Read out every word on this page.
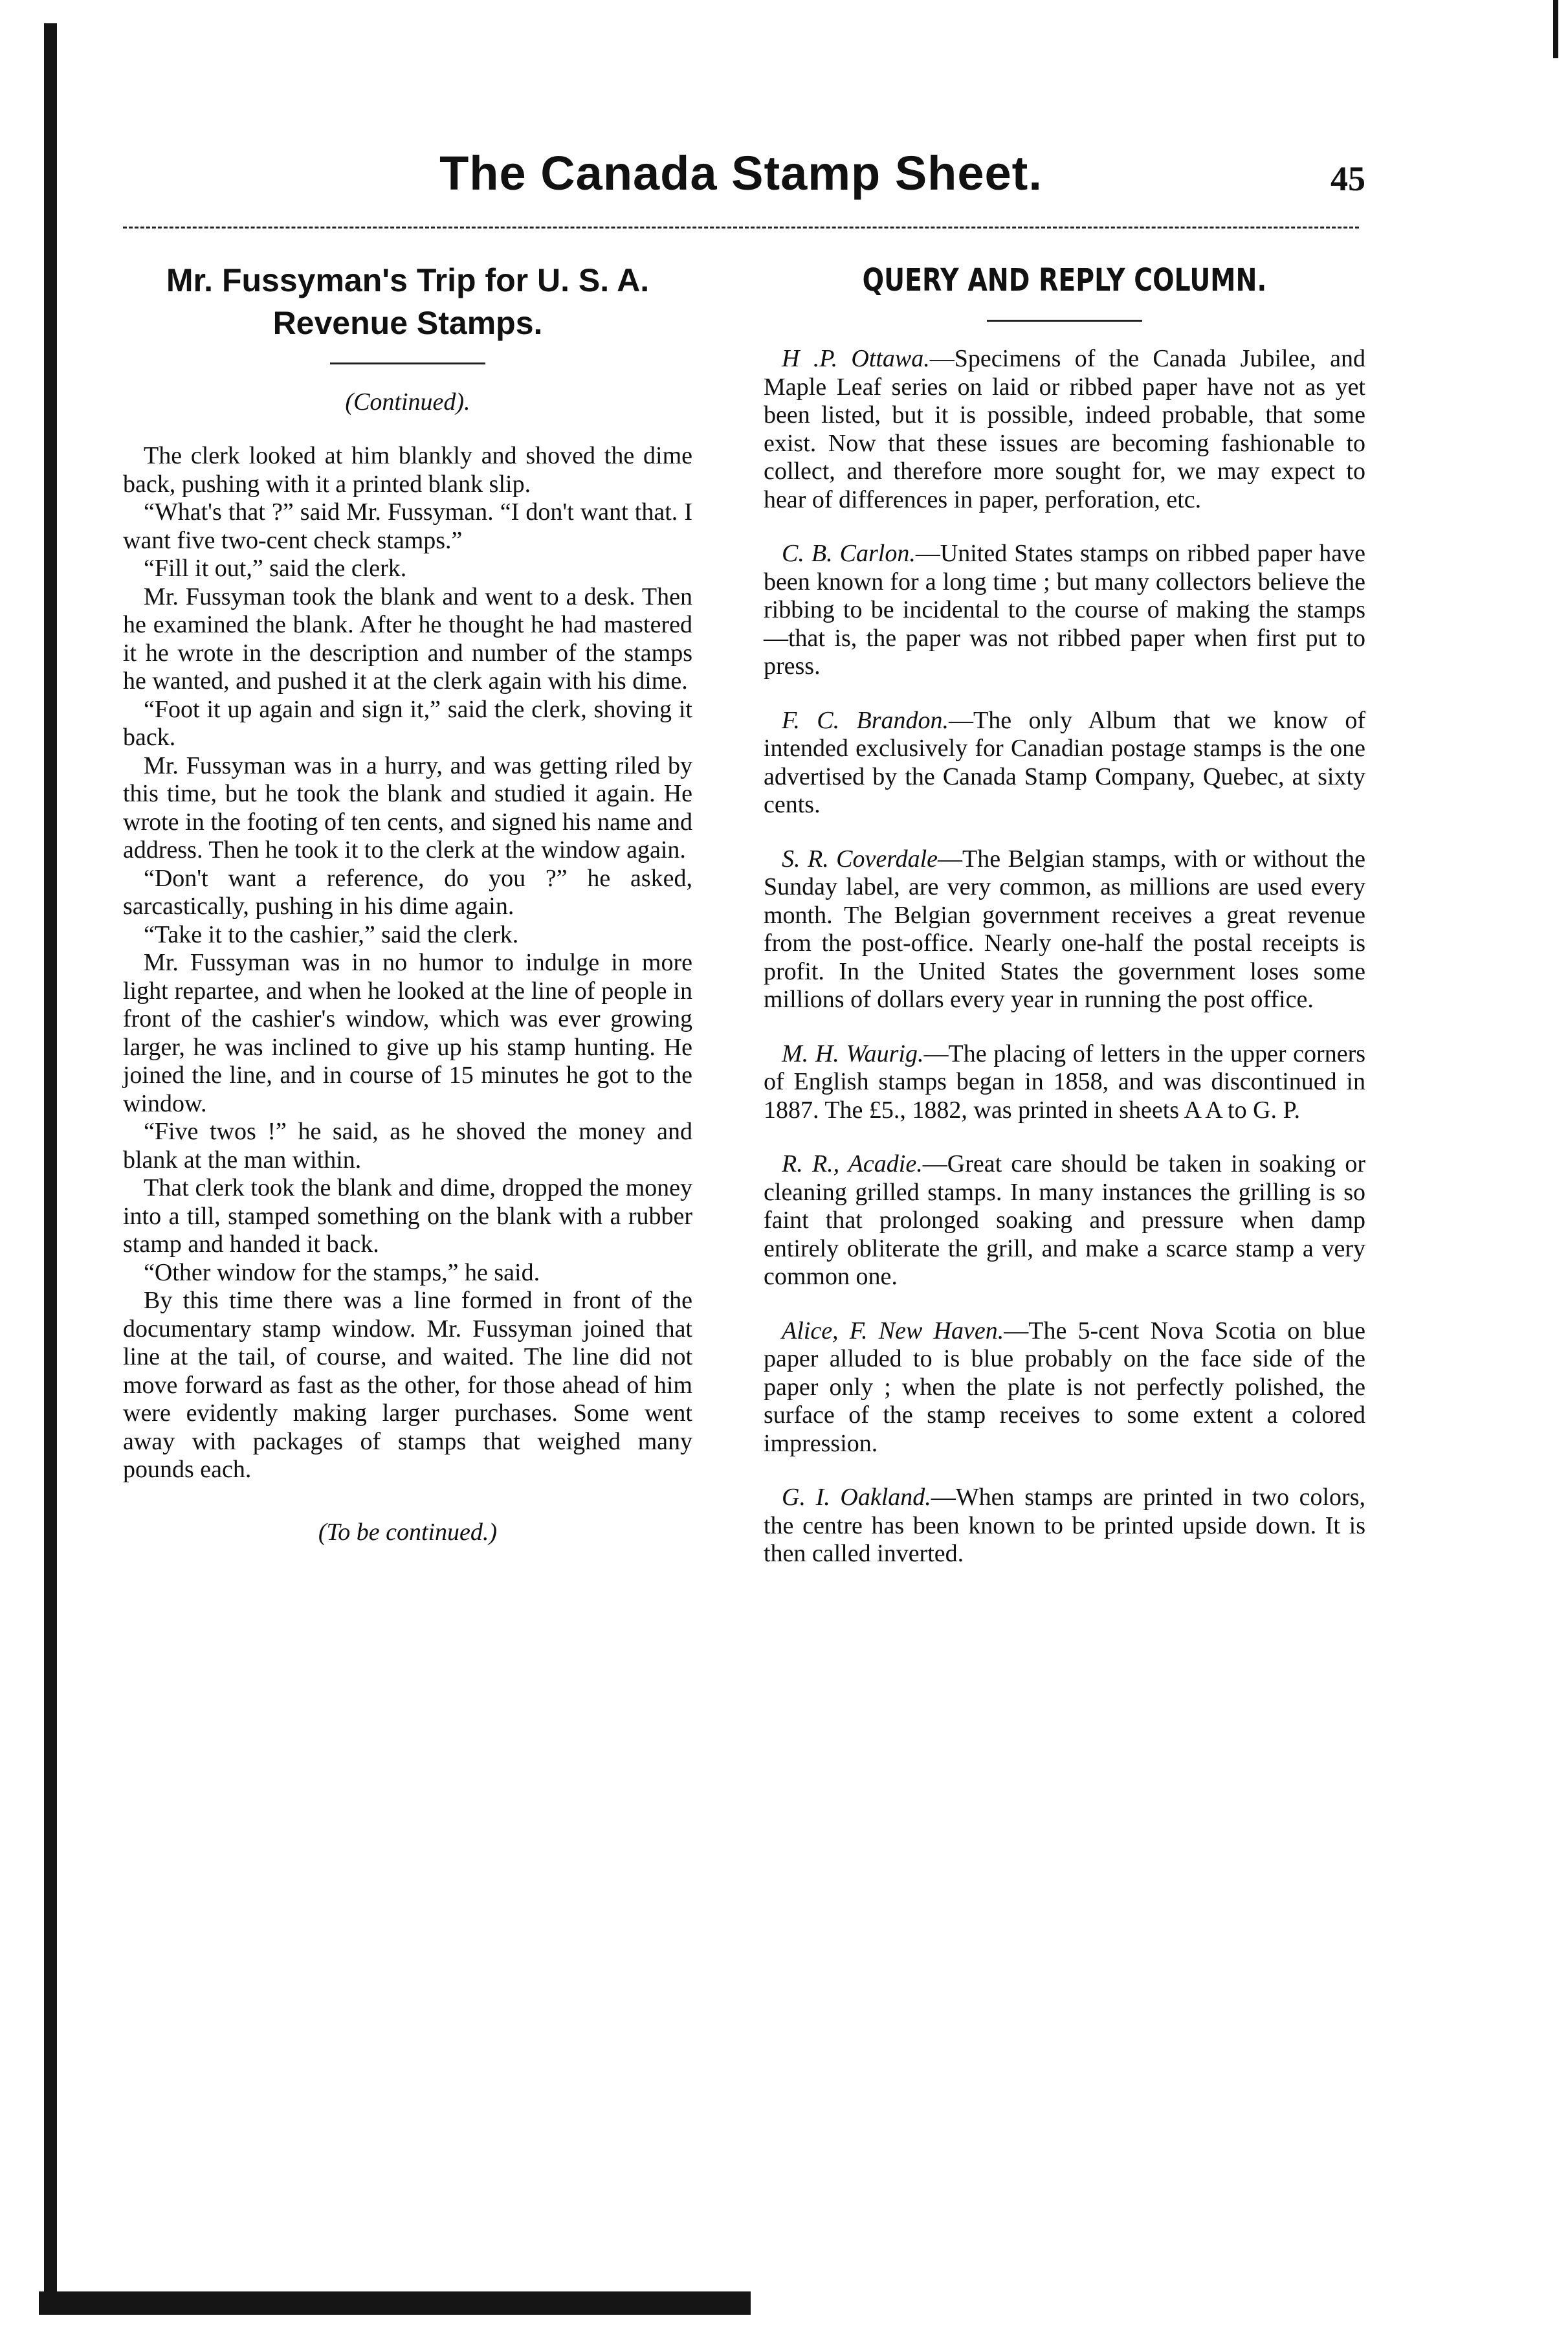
The Canada Stamp Sheet.	45
Mr. Fussyman's Trip for U. S. A.
Revenue Stamps.

(Continued).

The clerk looked at him blankly and shoved the dime back, pushing with it a printed blank slip.

“What's that ?” said Mr. Fussyman. “I don't want that. I want five two-cent check stamps.”

“Fill it out,” said the clerk.

Mr. Fussyman took the blank and went to a desk. Then he examined the blank. After he thought he had mastered it he wrote in the description and number of the stamps he wanted, and pushed it at the clerk again with his dime.

“Foot it up again and sign it,” said the clerk, shoving it back.

Mr. Fussyman was in a hurry, and was getting riled by this time, but he took the blank and studied it again. He wrote in the footing of ten cents, and signed his name and address. Then he took it to the clerk at the window again.

“Don't want a reference, do you ?” he asked, sarcastically, pushing in his dime again.

“Take it to the cashier,” said the clerk.

Mr. Fussyman was in no humor to indulge in more light repartee, and when he looked at the line of people in front of the cashier's window, which was ever growing larger, he was inclined to give up his stamp hunting. He joined the line, and in course of 15 minutes he got to the window.

“Five twos !” he said, as he shoved the money and blank at the man within.

That clerk took the blank and dime, dropped the money into a till, stamped something on the blank with a rubber stamp and handed it back.

“Other window for the stamps,” he said.

By this time there was a line formed in front of the documentary stamp window. Mr. Fussyman joined that line at the tail, of course, and waited. The line did not move forward as fast as the other, for those ahead of him were evidently making larger purchases. Some went away with packages of stamps that weighed many pounds each.

(To be continued.)
QUERY AND REPLY COLUMN.

H .P. Ottawa.—Specimens of the Canada Jubilee, and Maple Leaf series on laid or ribbed paper have not as yet been listed, but it is possible, indeed probable, that some exist. Now that these issues are becoming fashionable to collect, and therefore more sought for, we may expect to hear of differences in paper, perforation, etc.

C. B. Carlon.—United States stamps on ribbed paper have been known for a long time ; but many collectors believe the ribbing to be incidental to the course of making the stamps—that is, the paper was not ribbed paper when first put to press.

F. C. Brandon.—The only Album that we know of intended exclusively for Canadian postage stamps is the one advertised by the Canada Stamp Company, Quebec, at sixty cents.

S. R. Coverdale—The Belgian stamps, with or without the Sunday label, are very common, as millions are used every month. The Belgian government receives a great revenue from the post-office. Nearly one-half the postal receipts is profit. In the United States the government loses some millions of dollars every year in running the post office.

M. H. Waurig.—The placing of letters in the upper corners of English stamps began in 1858, and was discontinued in 1887. The £5., 1882, was printed in sheets A A to G. P.

R. R., Acadie.—Great care should be taken in soaking or cleaning grilled stamps. In many instances the grilling is so faint that prolonged soaking and pressure when damp entirely obliterate the grill, and make a scarce stamp a very common one.

Alice, F. New Haven.—The 5-cent Nova Scotia on blue paper alluded to is blue probably on the face side of the paper only ; when the plate is not perfectly polished, the surface of the stamp receives to some extent a colored impression.

G. I. Oakland.—When stamps are printed in two colors, the centre has been known to be printed upside down. It is then called inverted.
